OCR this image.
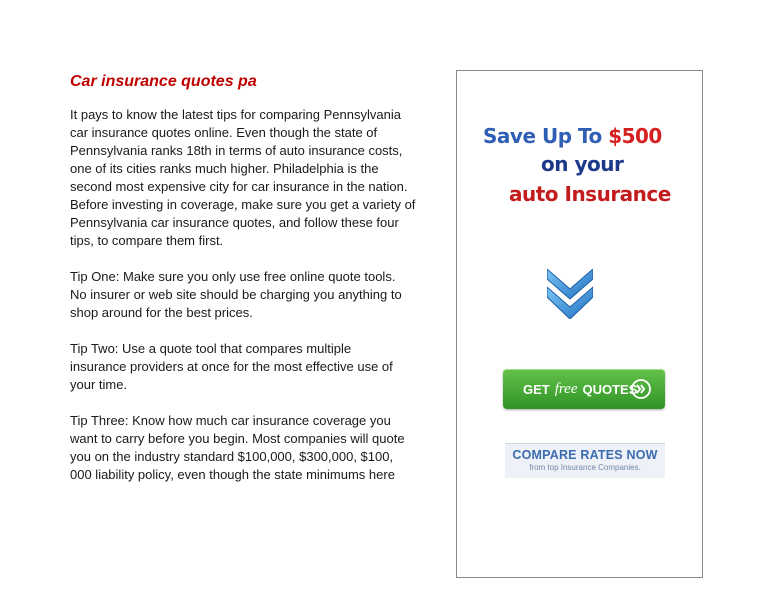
Car insurance quotes pa

It pays to know the latest tips for comparing Pennsylvania
car insurance quotes online. Even though the state of
Pennsylvania ranks 18th in terms of auto insurance costs,
one of its cities ranks much higher. Philadelphia is the
second most expensive city for car insurance in the nation.
Before investing in coverage, make sure you get a variety of
Pennsylvania car insurance quotes, and follow these four
tips, to compare them first.

Tip One: Make sure you only use free online quote tools.
No insurer or web site should be charging you anything to
shop around for the best prices.

Tip Two: Use a quote tool that compares multiple
insurance providers at once for the most effective use of
your time.

Tip Three: Know how much car insurance coverage you
want to carry before you begin. Most companies will quote
you on the industry standard $100,000, $300,000, $100,
000 liability policy, even though the state minimums here

Save Up To $500
on your
auto Insurance
GET free QUOTES
COMPARE RATES NOW
from top Insurance Companies.
